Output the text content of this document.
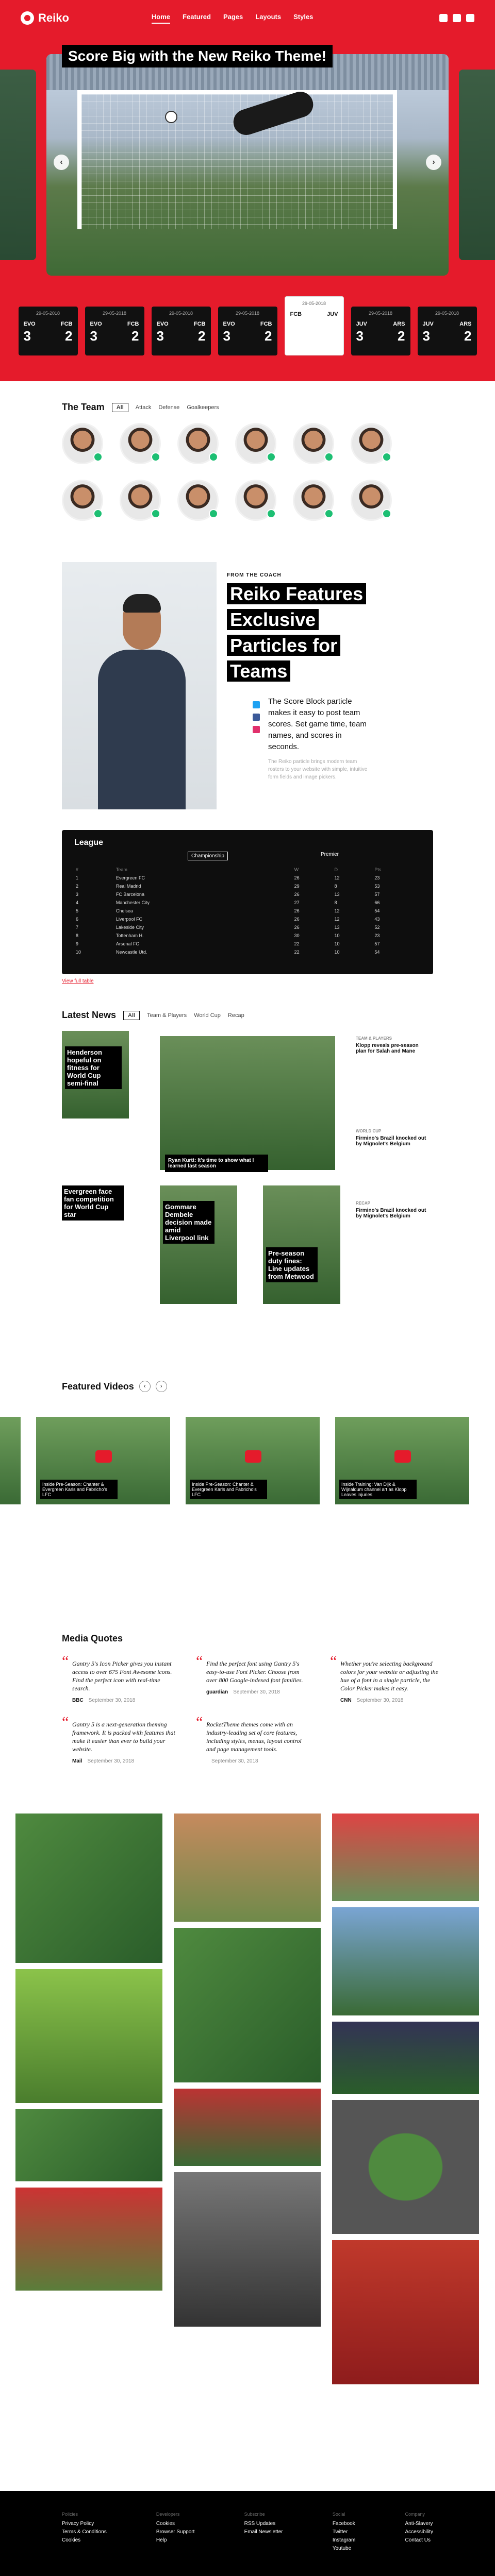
Reiko	Home Featured Pages Layouts Styles
Score Big with the New Reiko Theme!
‹	›
29-05-2018
EVO	FCB
3	2
29-05-2018
EVO	FCB
3	2
29-05-2018
EVO	FCB
3	2
29-05-2018
EVO	FCB
3	2
29-05-2018
FCB	JUV	29-05-2018
JUV	ARS
3	2
29-05-2018
JUV	ARS
3	2
The Team	All	Attack Defense Goalkeepers
FROM THE COACH
Reiko Features Exclusive Particles for Teams
The Score Block particle makes it easy to post team scores. Set game time, team names, and scores in seconds.
The Reiko particle brings modern team rosters to your website with simple, intuitive form fields and image pickers.
League
Championship	Premier
#	Team	W	D	Pts
1	Evergreen FC	26	12	23
2	Real Madrid	29	8	53
3	FC Barcelona	26	13	57
4	Manchester City	27	8	66
5	Chelsea	26	12	54
6	Liverpool FC	26	12	43
7	Lakeside City	26	13	52
8	Tottenham H.	30	10	23
9	Arsenal FC	22	10	57
10	Newcastle Utd.	22	10	54
View full table
Latest News	All	Team & Players World Cup Recap
Henderson hopeful on fitness for World Cup semi-final
Ryan Kurtt: It's time to show what I learned last season
Evergreen face fan competition for World Cup star
Gommare Dembele decision made amid Liverpool link
Pre-season duty fines: Line updates from Metwood
TEAM & PLAYERS
Klopp reveals pre-season plan for Salah and Mane
WORLD CUP
Firmino's Brazil knocked out by Mignolet's Belgium
RECAP
Firmino's Brazil knocked out by Mignolet's Belgium
Featured Videos	‹	›
Inside Pre-Season: Chanter & Evergreen Karls and Fabricho's LFC
Inside Pre-Season: Chanter & Evergreen Karls and Fabricho's LFC
Inside Training: Van Dijk & Wijnaldum channel art as Klopp Leaves injuries
Media Quotes
“ Gantry 5's Icon Picker gives you instant access to over 675 Font Awesome icons. Find the perfect icon with real-time search.
BBC September 30, 2018
“ Find the perfect font using Gantry 5's easy-to-use Font Picker. Choose from over 800 Google-indexed font families.
guardian September 30, 2018
“ Whether you're selecting background colors for your website or adjusting the hue of a font in a single particle, the Color Picker makes it easy.
CNN September 30, 2018
“ Gantry 5 is a next-generation theming framework. It is packed with features that make it easier than ever to build your website.
Mail September 30, 2018
“ RocketTheme themes come with an industry-leading set of core features, including styles, menus, layout control and page management tools.
September 30, 2018
Policies
Privacy Policy
Terms & Conditions
Cookies
Developers
Cookies
Browser Support
Help
Subscribe
RSS Updates
Email Newsletter
Social
Facebook
Twitter
Instagram
Youtube
Company
Anti-Slavery
Accessibility
Contact Us
